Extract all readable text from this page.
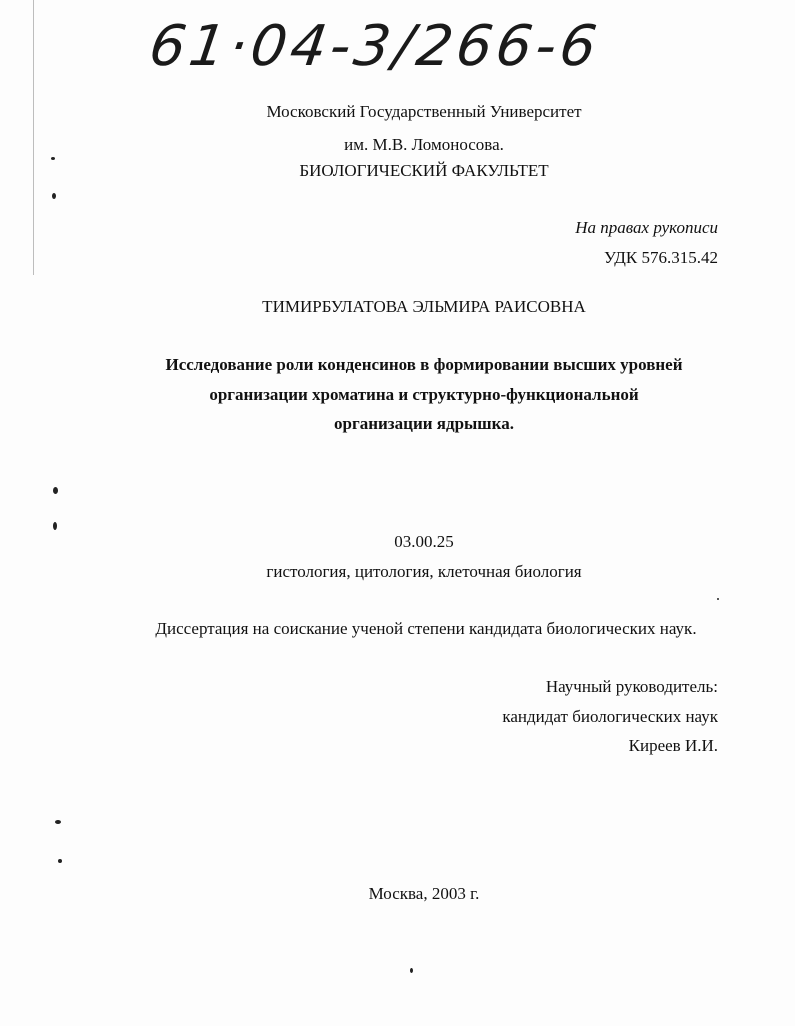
61·04-3/266-6
Московский Государственный Университет
им. М.В. Ломоносова.
БИОЛОГИЧЕСКИЙ ФАКУЛЬТЕТ
На правах рукописи
УДК 576.315.42
ТИМИРБУЛАТОВА ЭЛЬМИРА РАИСОВНА
Исследование роли конденсинов в формировании высших уровней
организации хроматина и структурно-функциональной
организации ядрышка.
03.00.25
гистология, цитология, клеточная биология
Диссертация на соискание ученой степени кандидата биологических наук.
Научный руководитель:
кандидат биологических наук
Киреев И.И.
Москва, 2003 г.
